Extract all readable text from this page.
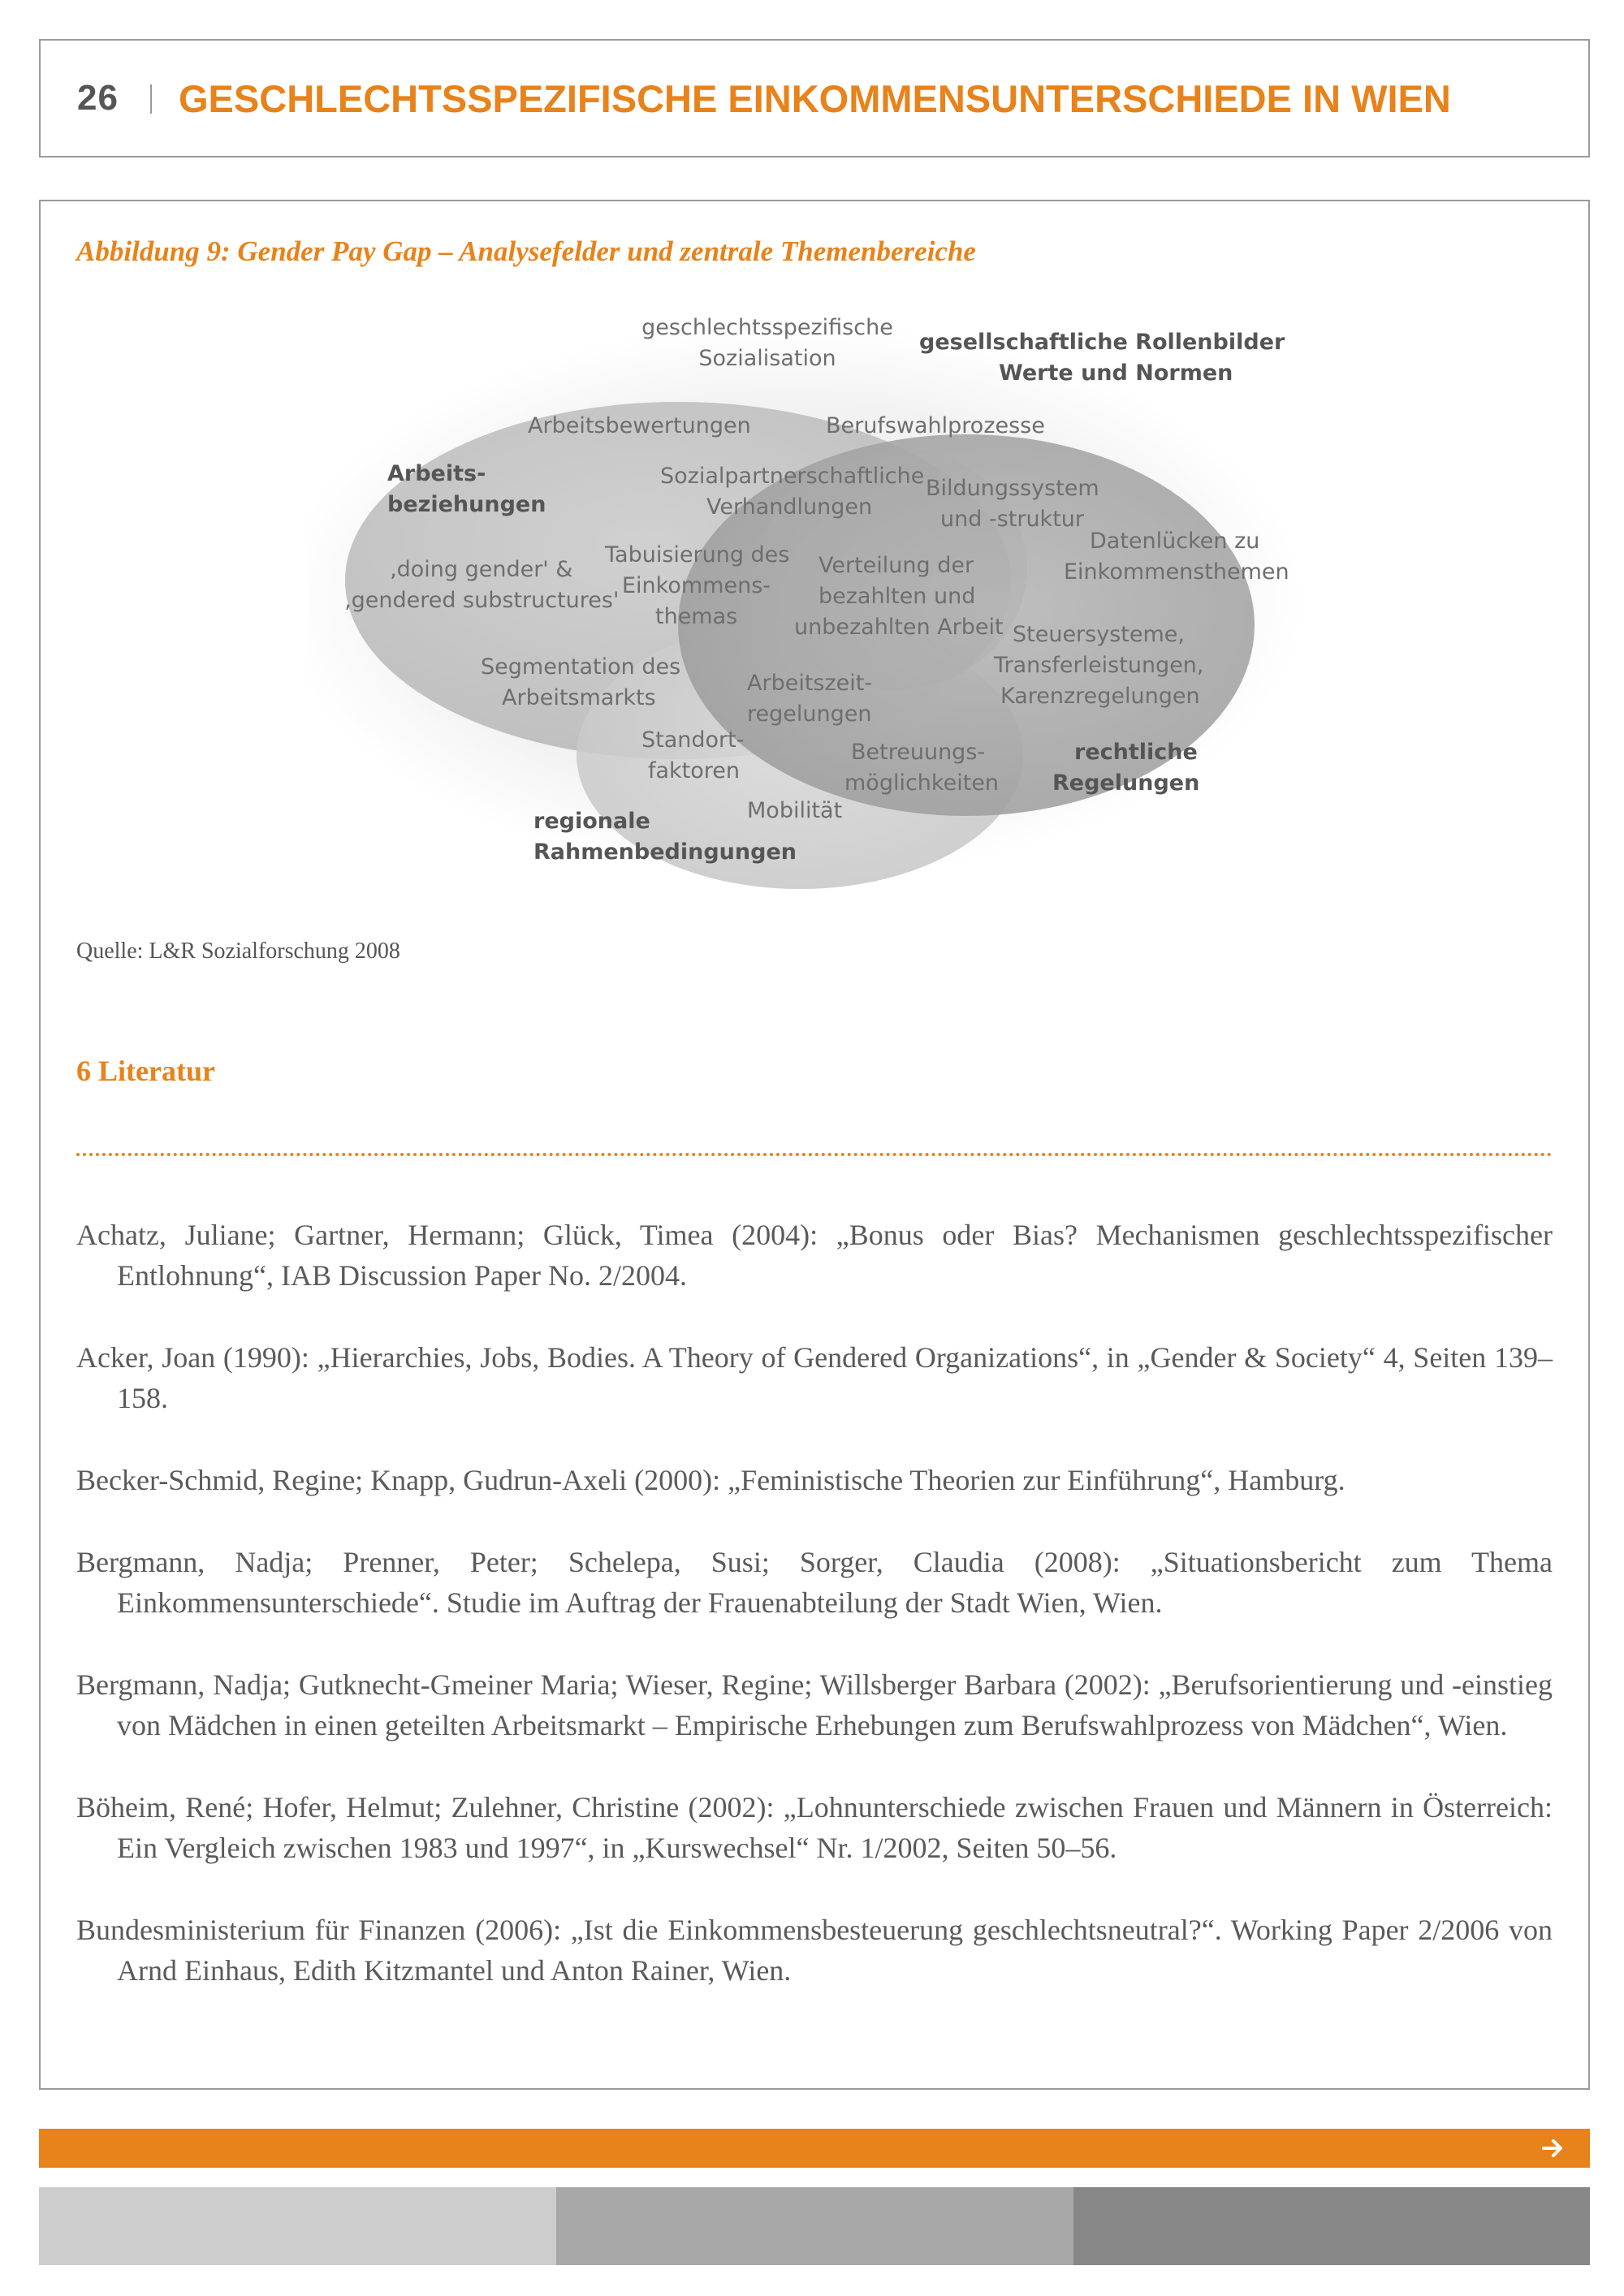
26 GESCHLECHTSSPEZIFISCHE EINKOMMENSUNTERSCHIEDE IN WIEN
Abbildung 9: Gender Pay Gap – Analysefelder und zentrale Themenbereiche
geschlechtsspezifische
Sozialisation
gesellschaftliche Rollenbilder
Werte und Normen
Arbeitsbewertungen	Berufswahlprozesse
Arbeits-
beziehungen
Sozialpartnerschaftliche
Verhandlungen
Bildungssystem
und -struktur
Datenlücken zu
Einkommensthemen
‚doing gender' &
‚gendered substructures'
Tabuisierung des
Einkommens-
themas
Verteilung der
bezahlten und
unbezahlten Arbeit Steuersysteme,
Transferleistungen,
Karenzregelungen
Segmentation des
Arbeitsmarkts
Arbeitszeit-
regelungen
Standort-
faktoren
Betreuungs-
möglichkeiten
rechtliche
Regelungen
Mobilität
regionale
Rahmenbedingungen
Quelle: L&R Sozialforschung 2008
6 Literatur
Achatz, Juliane; Gartner, Hermann; Glück, Timea (2004): „Bonus oder Bias? Mechanismen geschlechtsspezifischer Entlohnung“, IAB Discussion Paper No. 2/2004.
Acker, Joan (1990): „Hierarchies, Jobs, Bodies. A Theory of Gendered Organizations“, in „Gender & Society“ 4, Seiten 139–158.
Becker-Schmid, Regine; Knapp, Gudrun-Axeli (2000): „Feministische Theorien zur Einführung“, Hamburg.
Bergmann, Nadja; Prenner, Peter; Schelepa, Susi; Sorger, Claudia (2008): „Situationsbericht zum Thema Einkommensunterschiede“. Studie im Auftrag der Frauenabteilung der Stadt Wien, Wien.
Bergmann, Nadja; Gutknecht-Gmeiner Maria; Wieser, Regine; Willsberger Barbara (2002): „Berufsorientierung und -einstieg von Mädchen in einen geteilten Arbeitsmarkt – Empirische Erhebungen zum Berufswahlprozess von Mädchen“, Wien.
Böheim, René; Hofer, Helmut; Zulehner, Christine (2002): „Lohnunterschiede zwischen Frauen und Männern in Österreich: Ein Vergleich zwischen 1983 und 1997“, in „Kurswechsel“ Nr. 1/2002, Seiten 50–56.
Bundesministerium für Finanzen (2006): „Ist die Einkommensbesteuerung geschlechtsneutral?“. Working Paper 2/2006 von Arnd Einhaus, Edith Kitzmantel und Anton Rainer, Wien.
